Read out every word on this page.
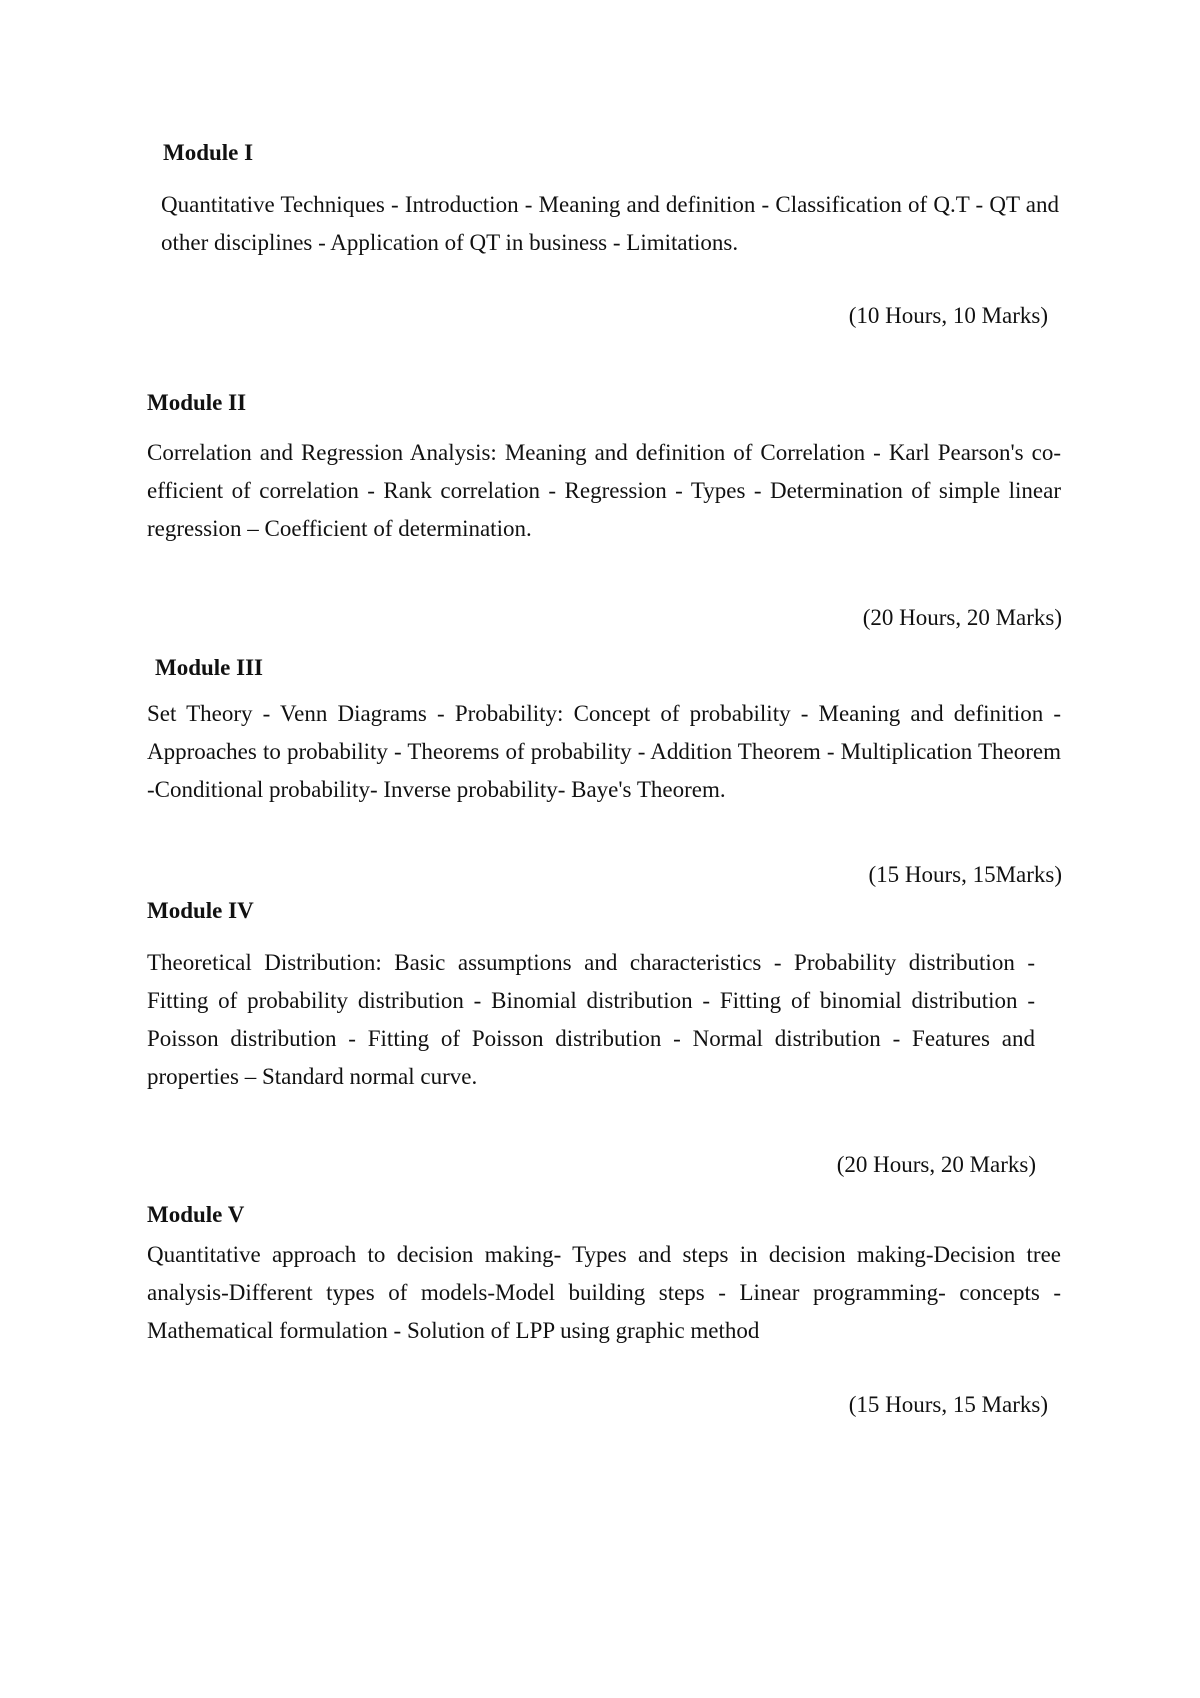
Module I

Quantitative Techniques - Introduction - Meaning and definition - Classification of Q.T - QT and other disciplines - Application of QT in business - Limitations.

(10 Hours, 10 Marks)

Module II

Correlation and Regression Analysis: Meaning and definition of Correlation - Karl Pearson's co-efficient of correlation - Rank correlation - Regression - Types - Determination of simple linear regression – Coefficient of determination.

(20 Hours, 20 Marks)

Module III

Set Theory - Venn Diagrams - Probability: Concept of probability - Meaning and definition - Approaches to probability - Theorems of probability - Addition Theorem - Multiplication Theorem -Conditional probability- Inverse probability- Baye's Theorem.

(15 Hours, 15Marks)

Module IV

Theoretical Distribution: Basic assumptions and characteristics - Probability distribution - Fitting of probability distribution - Binomial distribution - Fitting of binomial distribution - Poisson distribution - Fitting of Poisson distribution - Normal distribution - Features and properties – Standard normal curve.

(20 Hours, 20 Marks)

Module V

Quantitative approach to decision making- Types and steps in decision making-Decision tree analysis-Different types of models-Model building steps - Linear programming- concepts - Mathematical formulation - Solution of LPP using graphic method

(15 Hours, 15 Marks)
